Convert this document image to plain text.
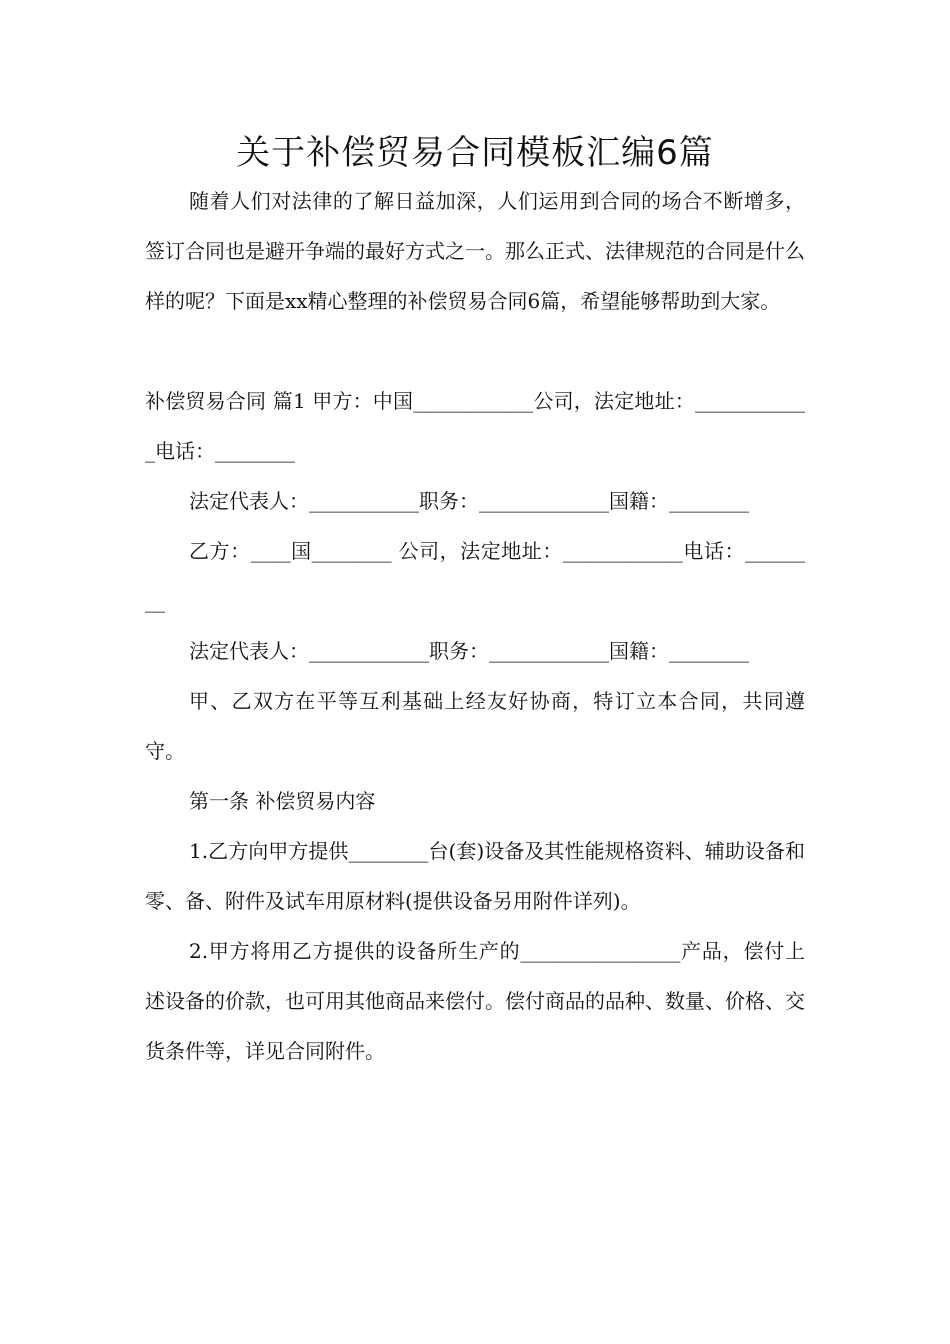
关于补偿贸易合同模板汇编6篇

随着人们对法律的了解日益加深，人们运用到合同的场合不断增多，签订合同也是避开争端的最好方式之一。那么正式、法律规范的合同是什么样的呢？下面是xx精心整理的补偿贸易合同6篇，希望能够帮助到大家。

补偿贸易合同 篇1 甲方：中国____________公司，法定地址：____________电话：________

法定代表人：___________职务：_____________国籍：________

乙方：____国________ 公司，法定地址：____________电话：________

法定代表人：____________职务：____________国籍：________

甲、乙双方在平等互利基础上经友好协商，特订立本合同，共同遵守。

第一条 补偿贸易内容

1.乙方向甲方提供________台(套)设备及其性能规格资料、辅助设备和零、备、附件及试车用原材料(提供设备另用附件详列)。

2.甲方将用乙方提供的设备所生产的________________产品，偿付上述设备的价款，也可用其他商品来偿付。偿付商品的品种、数量、价格、交货条件等，详见合同附件。
